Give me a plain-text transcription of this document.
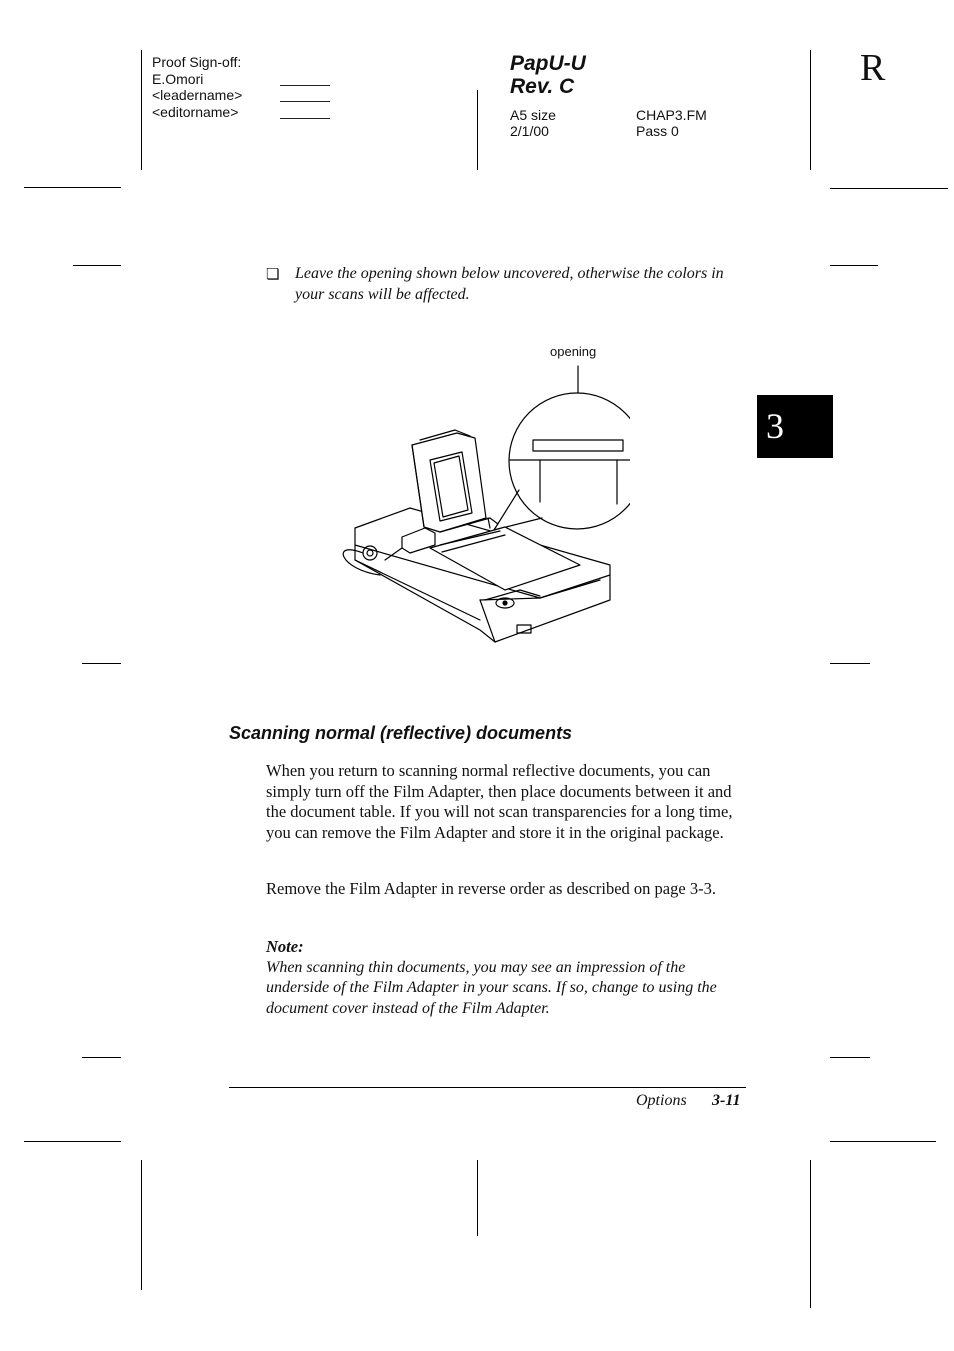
Proof Sign-off:
E.Omori
<leadername>
<editorname>
PapU-U
Rev. C
A5 size
2/1/00
CHAP3.FM
Pass 0
R
3
❏ Leave the opening shown below uncovered, otherwise the colors in your scans will be affected.
opening
Scanning normal (reflective) documents
When you return to scanning normal reflective documents, you can simply turn off the Film Adapter, then place documents between it and the document table. If you will not scan transparencies for a long time, you can remove the Film Adapter and store it in the original package.
Remove the Film Adapter in reverse order as described on page 3-3.
Note:
When scanning thin documents, you may see an impression of the underside of the Film Adapter in your scans. If so, change to using the document cover instead of the Film Adapter.
Options 3-11
